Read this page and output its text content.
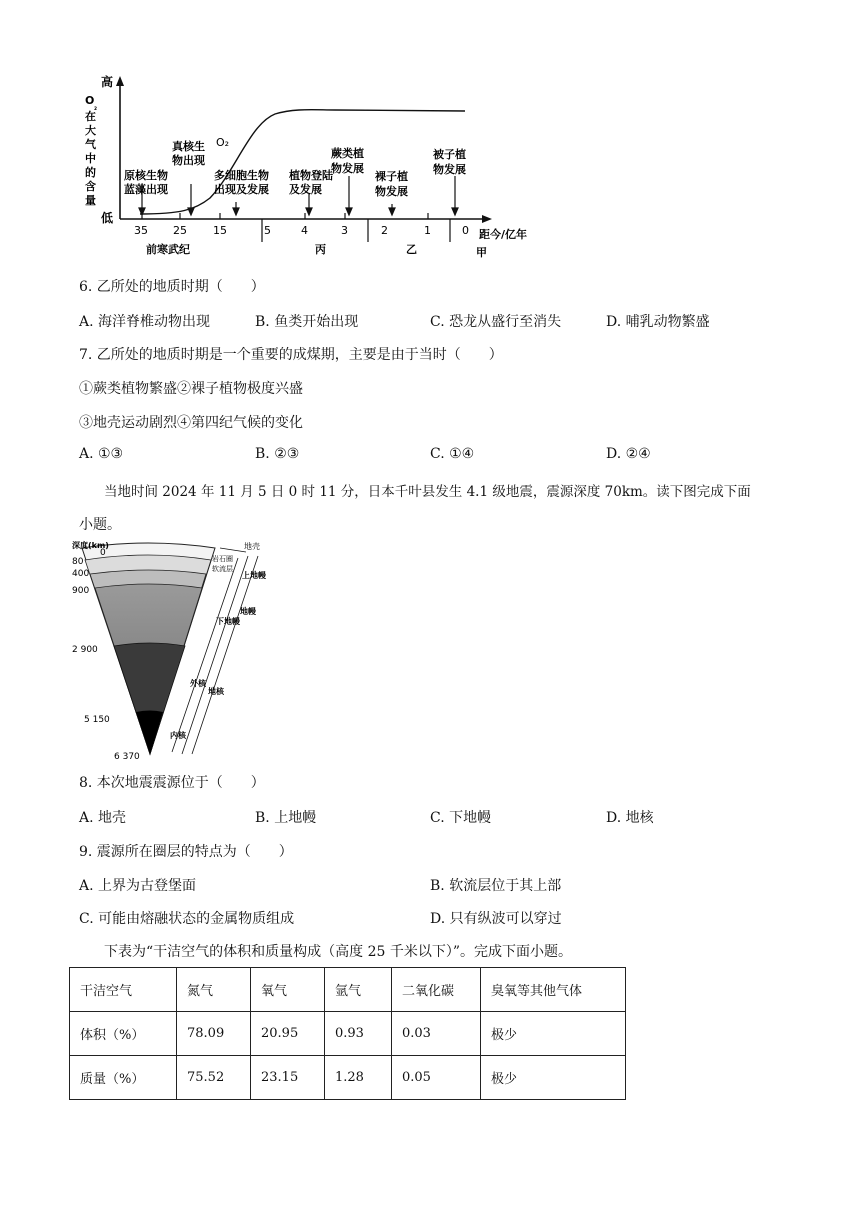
高
O
₂
在
大
气
中
的
含
量
低
O₂
35 25 15	5	4	3	2	1	0 距今/亿年
前寒武纪	丙	乙	甲
原核生物
蓝藻出现
真核生
物出现
多细胞生物
出现及发展
植物登陆
及发展
蕨类植
物发展
裸子植
物发展
被子植
物发展
6. 乙所处的地质时期（　　）
A. 海洋脊椎动物出现	B. 鱼类开始出现	C. 恐龙从盛行至消失	D. 哺乳动物繁盛
7. 乙所处的地质时期是一个重要的成煤期，主要是由于当时（　　）
①蕨类植物繁盛②裸子植物极度兴盛
③地壳运动剧烈④第四纪气候的变化
A. ①③	B. ②③	C. ①④	D. ②④
当地时间 2024 年 11 月 5 日 0 时 11 分，日本千叶县发生 4.1 级地震，震源深度 70km。读下图完成下面
小题。
深度(km)
0
80
400
900
2 900
5 150
6 370
地壳
岩石圈
软流层
上地幔
下地幔
地幔
外核
地核
内核
8. 本次地震震源位于（　　）
A. 地壳	B. 上地幔	C. 下地幔	D. 地核
9. 震源所在圈层的特点为（　　）
A. 上界为古登堡面	B. 软流层位于其上部
C. 可能由熔融状态的金属物质组成	D. 只有纵波可以穿过
下表为“干洁空气的体积和质量构成（高度 25 千米以下）”。完成下面小题。
干洁空气	氮气	氧气	氩气	二氧化碳	臭氧等其他气体
体积（%）	78.09	20.95	0.93	0.03	极少
质量（%）	75.52	23.15	1.28	0.05	极少
